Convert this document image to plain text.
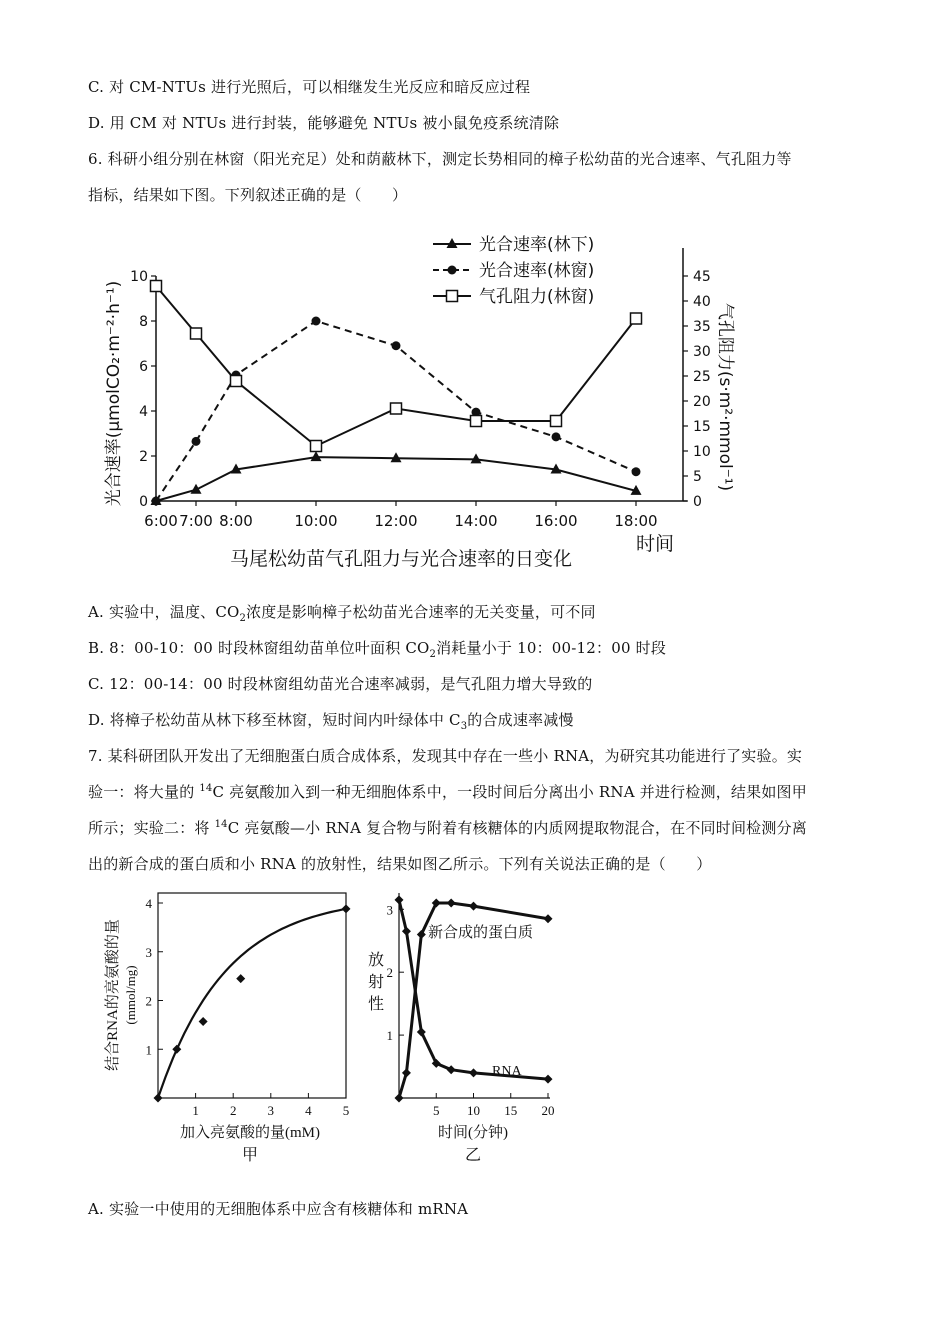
C. 对 CM-NTUs 进行光照后，可以相继发生光反应和暗反应过程
D. 用 CM 对 NTUs 进行封装，能够避免 NTUs 被小鼠免疫系统清除
6. 科研小组分别在林窗（阳光充足）处和荫蔽林下，测定长势相同的樟子松幼苗的光合速率、气孔阻力等
指标，结果如下图。下列叙述正确的是（　　）
0
2
4
6
8
10
0
5
10
15
20
25
30
35
40
45
6:00 7:00 8:00	10:00 12:00 14:00 16:00 18:00
光合速率(μmolCO₂·m⁻²·h⁻¹)	气孔阻力(s·m²·mmol⁻¹)
时间
马尾松幼苗气孔阻力与光合速率的日变化
光合速率(林下)
光合速率(林窗)
气孔阻力(林窗)
A. 实验中，温度、$CO_2$浓度是影响樟子松幼苗光合速率的无关变量，可不同
B. 8：00-10：00 时段林窗组幼苗单位叶面积 $CO_2$消耗量小于 10：00-12：00 时段
C. 12：00-14：00 时段林窗组幼苗光合速率减弱，是气孔阻力增大导致的
D. 将樟子松幼苗从林下移至林窗，短时间内叶绿体中 $C_3$的合成速率减慢
7. 某科研团队开发出了无细胞蛋白质合成体系，发现其中存在一些小 RNA，为研究其功能进行了实验。实
验一：将大量的 $^{14}$C 亮氨酸加入到一种无细胞体系中，一段时间后分离出小 RNA 并进行检测，结果如图甲
所示；实验二：将 $^{14}$C 亮氨酸—小 RNA 复合物与附着有核糖体的内质网提取物混合，在不同时间检测分离
出的新合成的蛋白质和小 RNA 的放射性，结果如图乙所示。下列有关说法正确的是（　　）
1 2 3 4 5
1
2
3
4
结合RNA的亮氨酸的量 (mmol/mg)
加入亮氨酸的量(mM)
甲
5 10 15 20
1
2
3
新合成的蛋白质
RNA
放
射
性
时间(分钟)
乙
A. 实验一中使用的无细胞体系中应含有核糖体和 mRNA
